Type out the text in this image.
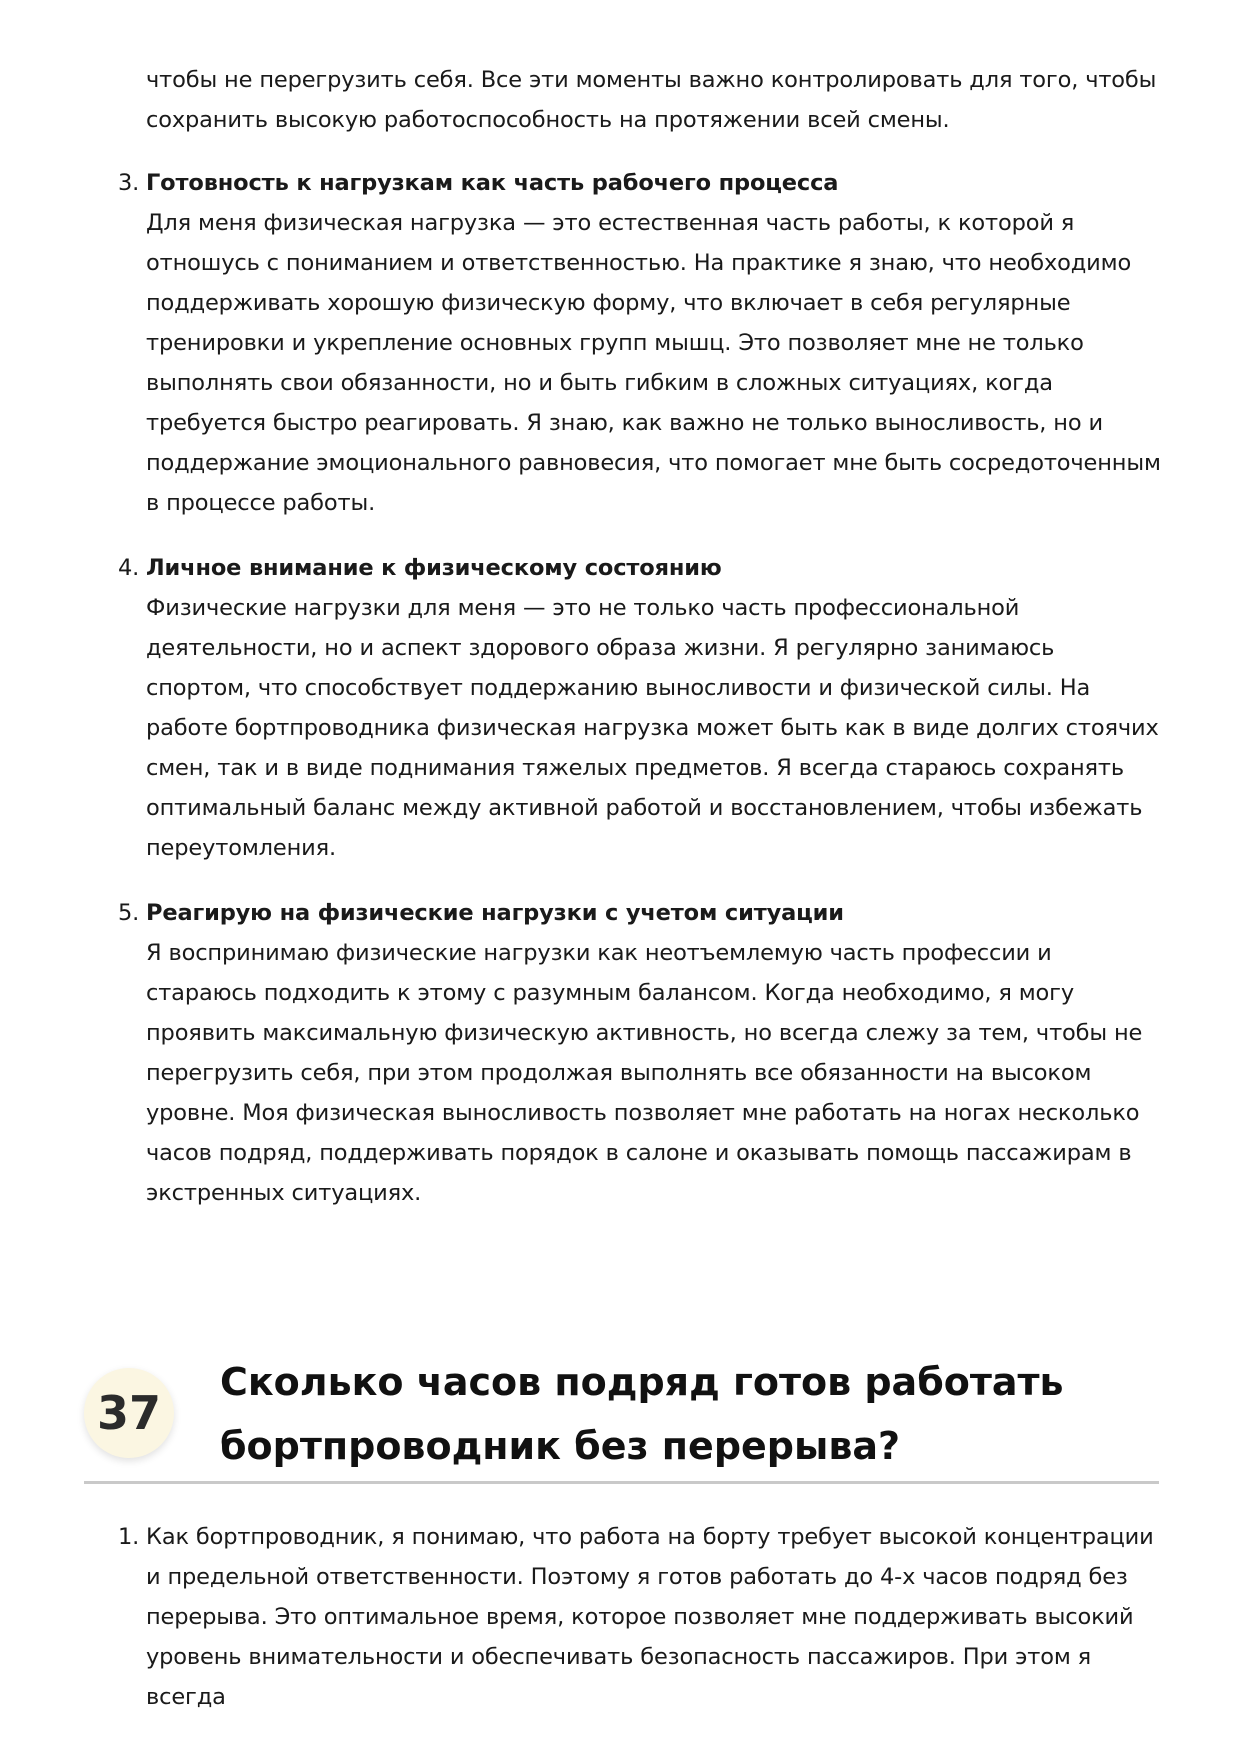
чтобы не перегрузить себя. Все эти моменты важно контролировать для того, чтобы сохранить высокую работоспособность на протяжении всей смены.

3. Готовность к нагрузкам как часть рабочего процесса
Для меня физическая нагрузка — это естественная часть работы, к которой я отношусь с пониманием и ответственностью. На практике я знаю, что необходимо поддерживать хорошую физическую форму, что включает в себя регулярные тренировки и укрепление основных групп мышц. Это позволяет мне не только выполнять свои обязанности, но и быть гибким в сложных ситуациях, когда требуется быстро реагировать. Я знаю, как важно не только выносливость, но и поддержание эмоционального равновесия, что помогает мне быть сосредоточенным в процессе работы.
4. Личное внимание к физическому состоянию
Физические нагрузки для меня — это не только часть профессиональной деятельности, но и аспект здорового образа жизни. Я регулярно занимаюсь спортом, что способствует поддержанию выносливости и физической силы. На работе бортпроводника физическая нагрузка может быть как в виде долгих стоячих смен, так и в виде поднимания тяжелых предметов. Я всегда стараюсь сохранять оптимальный баланс между активной работой и восстановлением, чтобы избежать переутомления.
5. Реагирую на физические нагрузки с учетом ситуации
Я воспринимаю физические нагрузки как неотъемлемую часть профессии и стараюсь подходить к этому с разумным балансом. Когда необходимо, я могу проявить максимальную физическую активность, но всегда слежу за тем, чтобы не перегрузить себя, при этом продолжая выполнять все обязанности на высоком уровне. Моя физическая выносливость позволяет мне работать на ногах несколько часов подряд, поддерживать порядок в салоне и оказывать помощь пассажирам в экстренных ситуациях.
37
Сколько часов подряд готов работать бортпроводник без перерыва?
1. Как бортпроводник, я понимаю, что работа на борту требует высокой концентрации и предельной ответственности. Поэтому я готов работать до 4-х часов подряд без перерыва. Это оптимальное время, которое позволяет мне поддерживать высокий уровень внимательности и обеспечивать безопасность пассажиров. При этом я всегда
